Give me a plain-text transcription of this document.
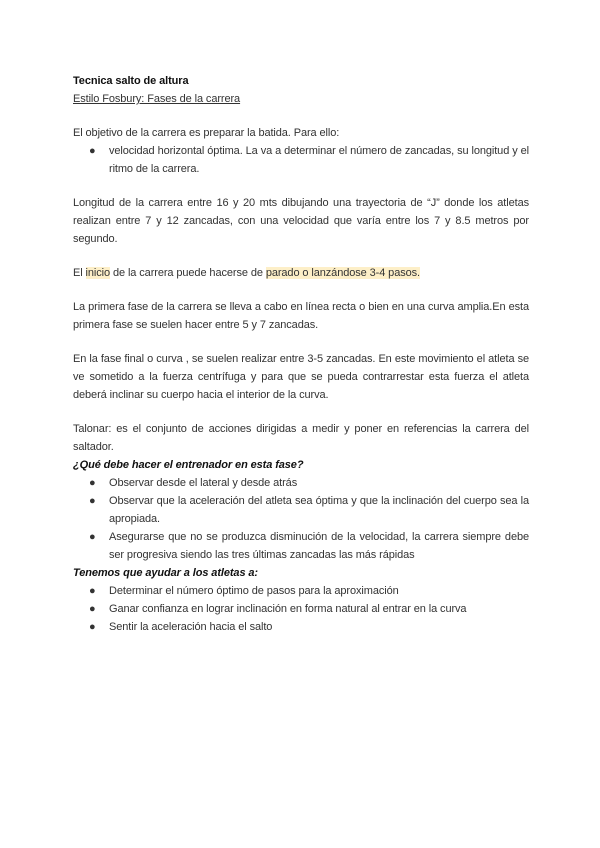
Tecnica salto de altura

Estilo Fosbury: Fases de la carrera

El objetivo de la carrera es preparar la batida. Para ello:

● velocidad horizontal óptima. La va a determinar el número de zancadas, su longitud y el ritmo de la carrera.

Longitud de la carrera entre 16 y 20 mts dibujando una trayectoria de “J” donde los atletas realizan entre 7 y 12 zancadas, con una velocidad que varía entre los 7 y 8.5 metros por segundo.

El inicio de la carrera puede hacerse de parado o lanzándose 3-4 pasos.

La primera fase de la carrera se lleva a cabo en línea recta o bien en una curva amplia.En esta primera fase se suelen hacer entre 5 y 7 zancadas.

En la fase final o curva , se suelen realizar entre 3-5 zancadas. En este movimiento el atleta se ve sometido a la fuerza centrífuga y para que se pueda contrarrestar esta fuerza el atleta deberá inclinar su cuerpo hacia el interior de la curva.

Talonar: es el conjunto de acciones dirigidas a medir y poner en referencias la carrera del saltador.

¿Qué debe hacer el entrenador en esta fase?

● Observar desde el lateral y desde atrás
● Observar que la aceleración del atleta sea óptima y que la inclinación del cuerpo sea la apropiada.
● Asegurarse que no se produzca disminución de la velocidad, la carrera siempre debe ser progresiva siendo las tres últimas zancadas las más rápidas

Tenemos que ayudar a los atletas a:

● Determinar el número óptimo de pasos para la aproximación
● Ganar confianza en lograr inclinación en forma natural al entrar en la curva
● Sentir la aceleración hacia el salto
